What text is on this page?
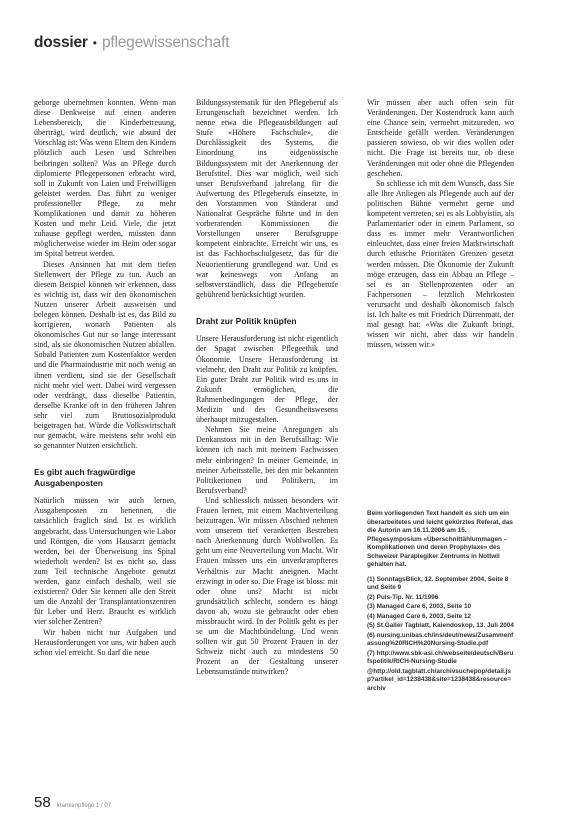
dossier • pflegewissenschaft

geborge ubernehmen konnten. Wenn man diese Denkweise auf einen anderen Lebensbereich, die Kinderbetreuung, überträgt, wird deutlich, wie absurd der Vorschlag ist: Was wenn Eltern den Kindern plötzlich auch Lesen und Schreiben beibringen sollten? Was an Pflege durch diplomierte Pflegepersonen erbracht wird, soll in Zukunft von Laien und Freiwilligen geleistet werden. Das führt zu weniger professioneller Pflege, zu mehr Komplikationen und damit zu höheren Kosten und mehr Leid. Viele, die jetzt zuhause gepflegt werden, müssten dann möglicherweise wieder im Heim oder sogar im Spital betreut werden.

Dieses Ansinnen hat mit dem tiefen Stellenwert der Pflege zu tun. Auch an diesem Beispiel können wir erkennen, dass es wichtig ist, dass wir den ökonomischen Nutzen unserer Arbeit ausweisen und belegen können. Deshalb ist es, das Bild zu korrigieren, wonach Patienten als ökonomisches Gut nur so lange interessant sind, als sie ökonomischen Nutzen abfallen. Sobald Patienten zum Kostenfaktor werden und die Pharmaindustrie mit noch wenig an ihnen verdient, sind sie der Gesellschaft nicht mehr viel wert. Dabei wird vergessen oder verdrängt, dass dieselbe Patientin, derselbe Kranke oft in den früheren Jahren sehr viel zum Bruttosozialprodukt beigetragen hat. Würde die Volkswirtschaft nur gemacht, wäre meistens sehr wohl ein so genannter Nutzen ersichtlich.

Es gibt auch fragwürdige Ausgabenposten

Natürlich müssen wir auch lernen, Ausgabenposten zu benennen, die tatsächlich fraglich sind. Ist es wirklich angebracht, dass Untersuchungen wie Labor und Röntgen, die vom Hausarzt gemacht werden, bei der Überweisung ins Spital wiederholt werden? Ist es nicht so, dass zum Teil technische Angebote genutzt werden, ganz einfach deshalb, weil sie existieren? Oder Sie kennen alle den Streit um die Anzahl der Transplantationszentren für Leber und Herz. Braucht es wirklich vier solcher Zentren?

Wir haben nicht nur Aufgaben und Herausforderungen vor uns, wir haben auch schon viel erreicht. So darf die neue

Bildungssystematik für den Pflegeberuf als Errungenschaft bezeichnet werden. Ich nenne etwa die Pflegeausbildungen auf Stufe «Höhere Fachschule», die Durchlässigkeit des Systems, die Einordnung ins eidgenössische Bildungssystem mit der Anerkennung der Berufstitel. Dies war möglich, weil sich unser Berufsverband jahrelang für die Aufwertung des Pflegeberufs einsetzte, in den Vorstammen von Ständerat und Nationalrat Gespräche führte und in den vorberatenden Kommissionen die Vorstellungen unserer Berufsgruppe kompetent einbrachte. Erreicht wir uns, es ist das Fachhochschulgesetz, das für die Neuorientierung grundlegend war. Und es war keineswegs von Anfang an selbstverständlich, dass die Pflegeberufe gebührend berücksichtigt wurden.

Draht zur Politik knüpfen

Unsere Herausforderung ist nicht eigentlich der Spagat zwischen Pflegeethik und Ökonomie. Unsere Herausforderung ist vielmehr, den Draht zur Politik zu knüpfen. Ein guter Draht zur Politik wird es uns in Zukunft ermöglichen, die Rahmenbedingungen der Pflege, der Medizin und des Gesundheitswesens überhaupt mitzugestalten.

Nehmen Sie meine Anregungen als Denkanstoss mit in den Berufsalltag: Wie können ich nach mit meinem Fachwissen mehr einbringen? In meiner Gemeinde, in meiner Arbeitsstelle, bei den mir bekannten Politikerinnen und Politikern, im Berufsverband?

Und schliesslich müssen besonders wir Frauen lernen, mit einem Machtverteilung beizutragen. Wir müssen Abschied nehmen vom unserem tief verankerten Bestreben nach Anerkennung durch Wohlwollen. Es geht um eine Neuverteilung von Macht. Wir Frauen müssen uns ein unverkrampfteres Verhältnis zur Macht aneignen. Macht erzwingt in oder so. Die Frage ist bloss: mit oder ohne uns? Macht ist nicht grundsätzlich schlecht, sondern es hängt davon ab, wozu sie gebraucht oder eben missbraucht wird. In der Politik geht es per se um die Machtbündelung. Und wenn sollten wir gut 50 Prozent Frauen in der Schweiz nicht auch zu mindestens 50 Prozent an der Gestaltung unserer Lebensumstände mitwirken?

Wir müssen aber auch offen sein für Veränderungen. Der Kostendruck kann auch eine Chance sein, vermehrt mitzureden, wo Entscheide gefällt werden. Veränderungen passieren sowieso, ob wir dies wollen oder nicht. Die Frage ist bereits nur, ob diese Veränderungen mit oder ohne die Pflegenden geschehen.

So schliesse ich mit dem Wunsch, dass Sie alle Ihre Anliegen als Pflegende auch auf der politischen Bühne vermehrt gerne und kompetent vertreten, sei es als Lobbyistin, als Parlamentarier oder in einem Parlament, so dass es immer mehr Verantwortlichen einleuchtet, dass einer freien Marktwirtschaft durch ethische Prioritäten Grenzen gesetzt werden müssen. Die Ökonomie der Zukunft möge erzeugen, dass ein Abbau an Pflege – sei es an Stellenprozenten oder an Fachpersonen – letztlich Mehrkosten verursacht und deshalb ökonomisch falsch ist. Ich halte es mit Friedrich Dürrenmatt, der mal gesagt hat: «Was die Zukunft bringt, wissen wir nicht, aber dass wir handeln müssen, wissen wir.»

Beim vorliegenden Text handelt es sich um ein überarbeitetes und leicht gekürztes Referat, das die Autorin am 16.11.2006 am 15. Pflegesymposium «Überschnittählummagen – Komplikationen und deren Prophylaxe» des Schweizer Paraplegiker Zentrums in Nottwil gehalten hat.

(1) SonntagsBlick, 12. September 2004, Seite 8 und Seite 9
(2) Puls-Tip. Nr. 11/1996
(3) Managed Care 6, 2003, Seite 10
(4) Managed Care 6, 2003, Seite 12
(5) St.Galler Tagblatt, Kaiendoskop, 13. Juli 2004
(6) nursing.unibas.ch/ins/deut/news/Zusammenfassung%20RICH%20Nursing-Studie.pdf
(7) http://www.sbk-asi.ch/webseite/deutsch/Berufspolitik/RICH-Nursing-Studie
@http://old.tagblatt.ch/archivsuchepop/detail.jsp?artikel_id=1238438&site=1238438&resource=archiv
58 krankenpflege 1 / 07
